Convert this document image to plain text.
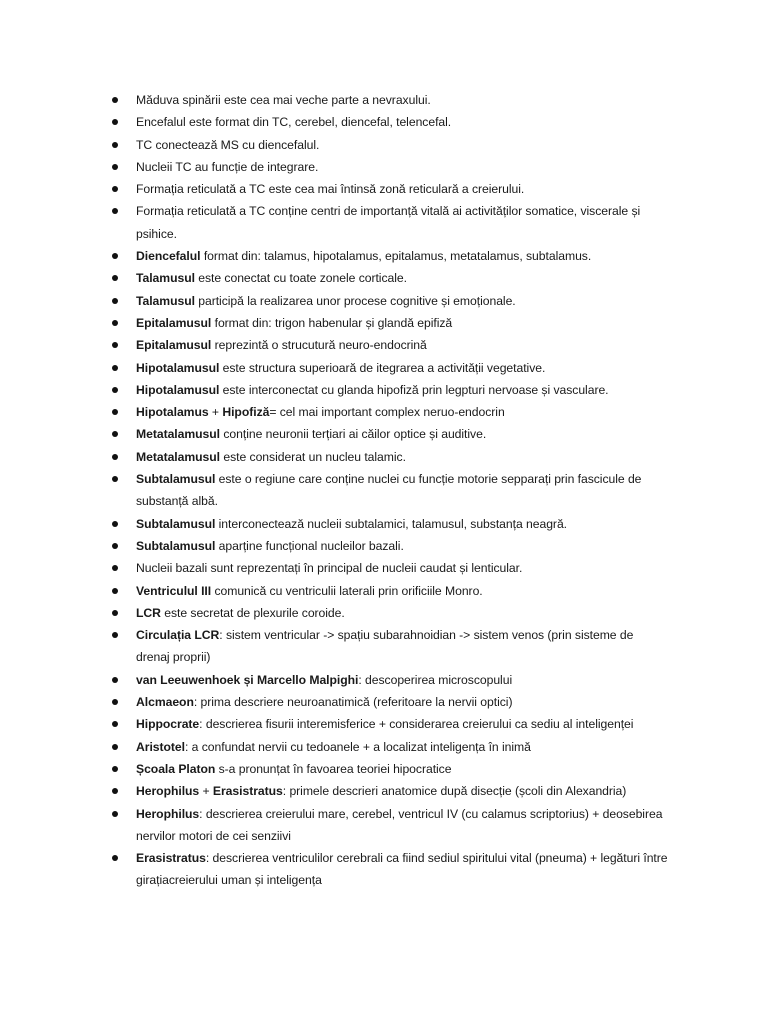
Măduva spinării este cea mai veche parte a nevraxului.
Encefalul este format din TC, cerebel, diencefal, telencefal.
TC conectează MS cu diencefalul.
Nucleii TC au funcție de integrare.
Formația reticulată a TC este cea mai întinsă zonă reticulară a creierului.
Formația reticulată a TC conține centri de importanță vitală ai activităților somatice, viscerale și psihice.
Diencefalul format din: talamus, hipotalamus, epitalamus, metatalamus, subtalamus.
Talamusul este conectat cu toate zonele corticale.
Talamusul participă la realizarea unor procese cognitive și emoționale.
Epitalamusul format din: trigon habenular și glandă epifiză
Epitalamusul reprezintă o strucutură neuro-endocrină
Hipotalamusul este structura superioară de itegrarea a activității vegetative.
Hipotalamusul este interconectat cu glanda hipofiză prin legpturi nervoase și vasculare.
Hipotalamus + Hipofiză= cel mai important complex neruo-endocrin
Metatalamusul conține neuronii terțiari ai căilor optice și auditive.
Metatalamusul este considerat un nucleu talamic.
Subtalamusul este o regiune care conține nuclei cu funcție motorie sepparați prin fascicule de substanță albă.
Subtalamusul interconectează nucleii subtalamici, talamusul, substanța neagră.
Subtalamusul aparține funcțional nucleilor bazali.
Nucleii bazali sunt reprezentați în principal de nucleii caudat și lenticular.
Ventriculul III comunică cu ventriculii laterali prin orificiile Monro.
LCR este secretat de plexurile coroide.
Circulația LCR: sistem ventricular -> spațiu subarahnoidian -> sistem venos (prin sisteme de drenaj proprii)
van Leeuwenhoek și Marcello Malpighi: descoperirea microscopului
Alcmaeon: prima descriere neuroanatimică (referitoare la nervii optici)
Hippocrate: descrierea fisurii interemisferice + considerarea creierului ca sediu al inteligenței
Aristotel: a confundat nervii cu tedoanele + a localizat inteligența în inimă
Școala Platon s-a pronunțat în favoarea teoriei hipocratice
Herophilus + Erasistratus: primele descrieri anatomice după disecție (școli din Alexandria)
Herophilus: descrierea creierului mare, cerebel, ventricul IV (cu calamus scriptorius) + deosebirea nervilor motori de cei senziivi
Erasistratus: descrierea ventriculilor cerebrali ca fiind sediul spiritului vital (pneuma) + legături între girațiacreierului uman și inteligența
